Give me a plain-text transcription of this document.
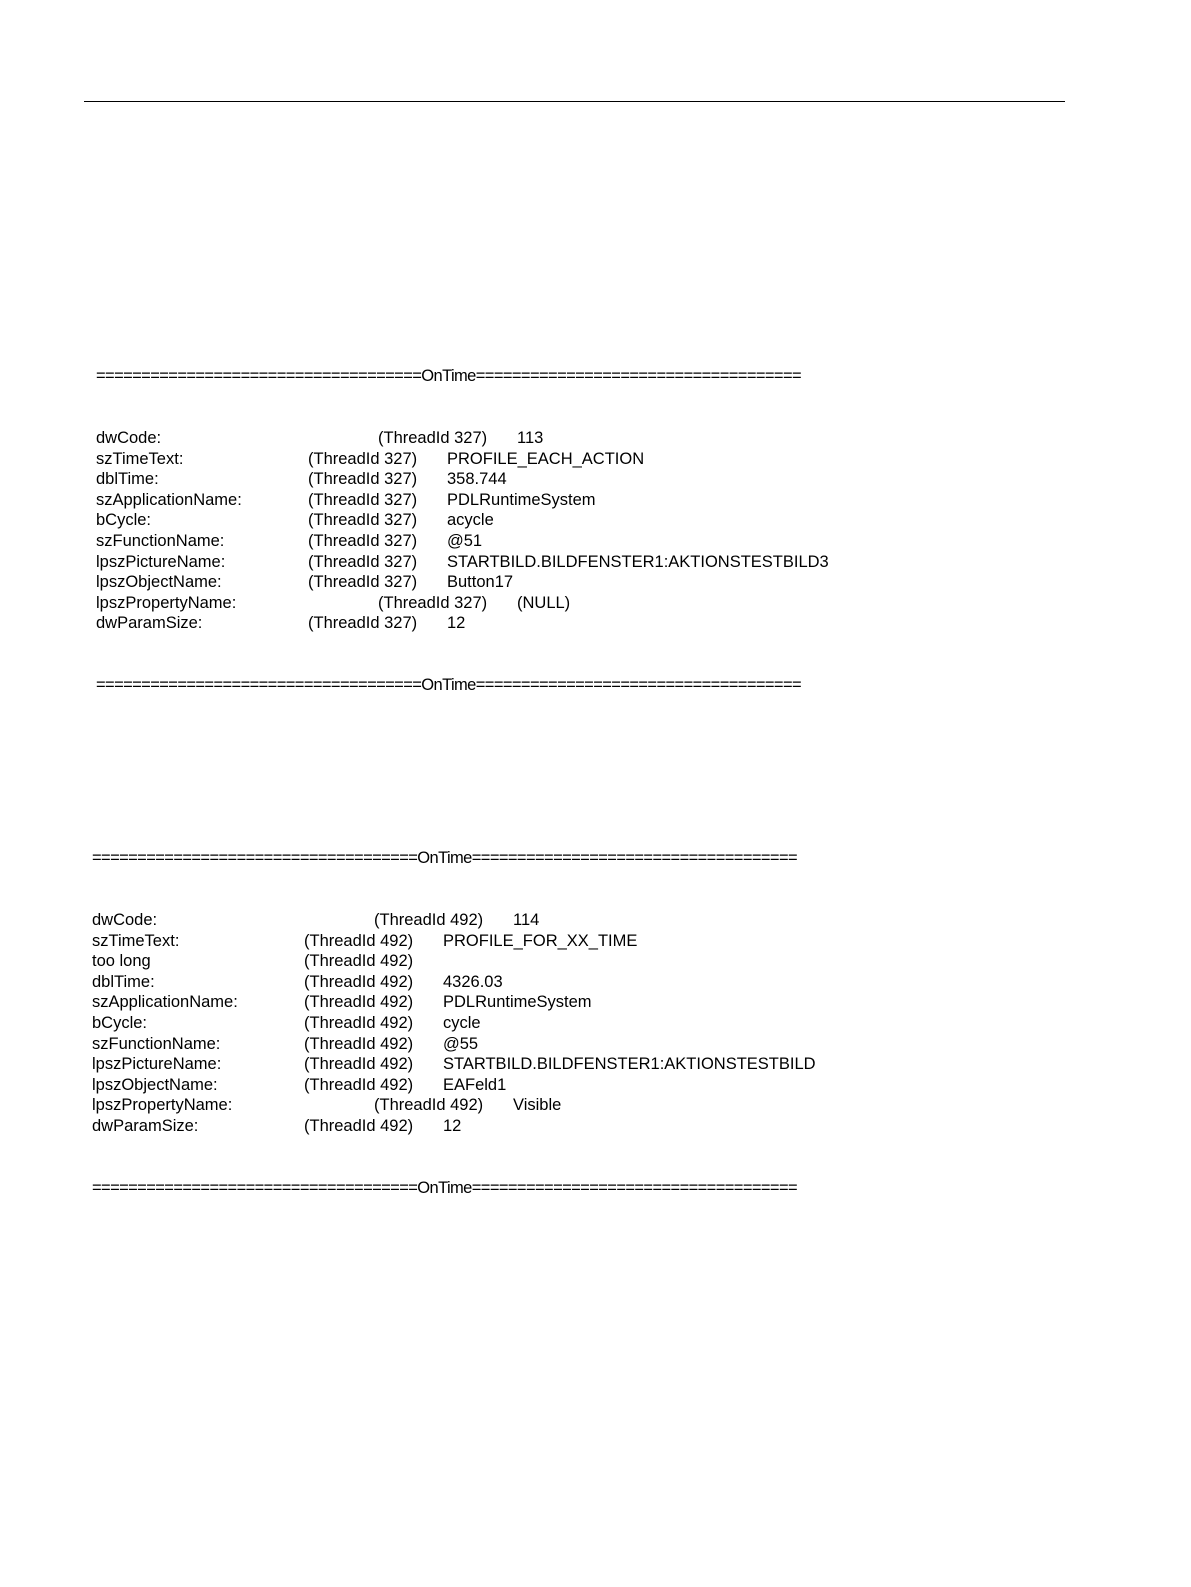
====================================OnTime====================================

dwCode:	(ThreadId 327) 113
szTimeText:	(ThreadId 327) PROFILE_EACH_ACTION
dblTime:	(ThreadId 327) 358.744
szApplicationName:	(ThreadId 327) PDLRuntimeSystem
bCycle:	(ThreadId 327) acycle
szFunctionName:	(ThreadId 327) @51
lpszPictureName:	(ThreadId 327) STARTBILD.BILDFENSTER1:AKTIONSTESTBILD3
lpszObjectName:	(ThreadId 327) Button17
lpszPropertyName:	(ThreadId 327) (NULL)
dwParamSize:	(ThreadId 327) 12

====================================OnTime====================================

====================================OnTime====================================

dwCode:	(ThreadId 492) 114
szTimeText:	(ThreadId 492) PROFILE_FOR_XX_TIME
too long	(ThreadId 492)
dblTime:	(ThreadId 492) 4326.03
szApplicationName:	(ThreadId 492) PDLRuntimeSystem
bCycle:	(ThreadId 492) cycle
szFunctionName:	(ThreadId 492) @55
lpszPictureName:	(ThreadId 492) STARTBILD.BILDFENSTER1:AKTIONSTESTBILD
lpszObjectName:	(ThreadId 492) EAFeld1
lpszPropertyName:	(ThreadId 492) Visible
dwParamSize:	(ThreadId 492) 12

====================================OnTime====================================
